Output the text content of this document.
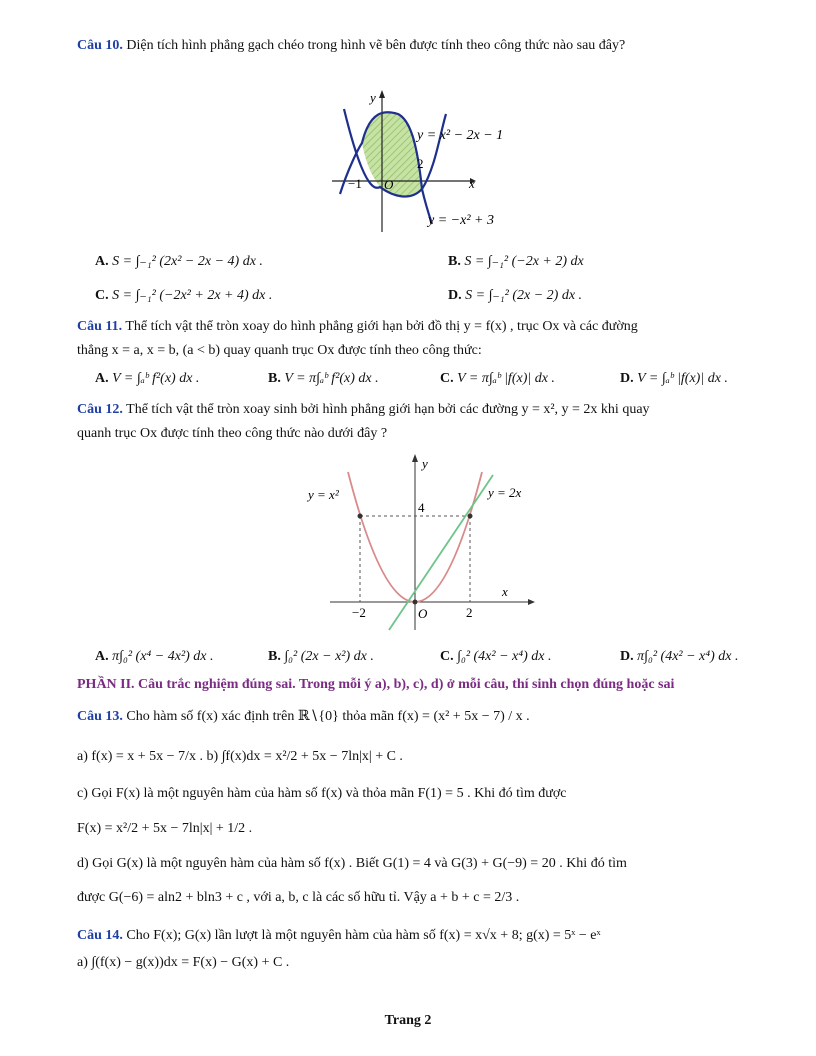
Câu 10. Diện tích hình phẳng gạch chéo trong hình vẽ bên được tính theo công thức nào sau đây?
y
y = x² − 2x − 1
2
−1 O	x
y = −x² + 3
A. S = ∫₋₁² (2x² − 2x − 4) dx .	B. S = ∫₋₁² (−2x + 2) dx
C. S = ∫₋₁² (−2x² + 2x + 4) dx .	D. S = ∫₋₁² (2x − 2) dx .
Câu 11. Thể tích vật thể tròn xoay do hình phẳng giới hạn bởi đồ thị y = f(x) , trục Ox và các đường
thẳng x = a, x = b, (a < b) quay quanh trục Ox được tính theo công thức:
A. V = ∫ₐᵇ f²(x) dx .	B. V = π∫ₐᵇ f²(x) dx .	C. V = π∫ₐᵇ |f(x)| dx .	D. V = ∫ₐᵇ |f(x)| dx .
Câu 12. Thể tích vật thể tròn xoay sinh bởi hình phẳng giới hạn bởi các đường y = x², y = 2x khi quay
quanh trục Ox được tính theo công thức nào dưới đây ?
y
y = x²	y = 2x
4
x
−2	O	2
A. π∫₀² (x⁴ − 4x²) dx .	B. ∫₀² (2x − x²) dx .	C. ∫₀² (4x² − x⁴) dx .	D. π∫₀² (4x² − x⁴) dx .
PHẦN II. Câu trắc nghiệm đúng sai. Trong mỗi ý a), b), c), d) ở mỗi câu, thí sinh chọn đúng hoặc sai
Câu 13. Cho hàm số f(x) xác định trên ℝ∖{0} thỏa mãn f(x) = (x² + 5x − 7) / x .
a) f(x) = x + 5x − 7/x . b) ∫f(x)dx = x²/2 + 5x − 7ln|x| + C .
c) Gọi F(x) là một nguyên hàm của hàm số f(x) và thỏa mãn F(1) = 5 . Khi đó tìm được
F(x) = x²/2 + 5x − 7ln|x| + 1/2 .
d) Gọi G(x) là một nguyên hàm của hàm số f(x) . Biết G(1) = 4 và G(3) + G(−9) = 20 . Khi đó tìm
được G(−6) = aln2 + bln3 + c , với a, b, c là các số hữu tỉ. Vậy a + b + c = 2/3 .
Câu 14. Cho F(x); G(x) lần lượt là một nguyên hàm của hàm số f(x) = x√x + 8; g(x) = 5ˣ − eˣ
a) ∫(f(x) − g(x))dx = F(x) − G(x) + C .
Trang 2
